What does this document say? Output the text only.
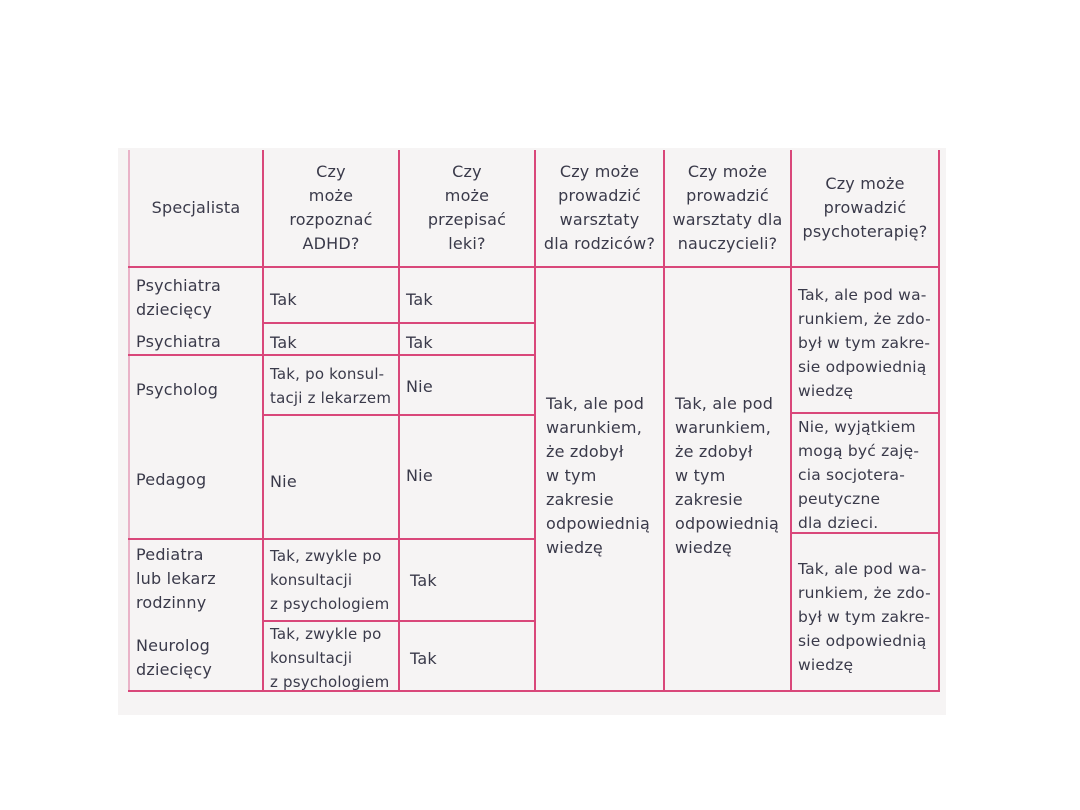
Specjalista
Czy
może
rozpoznać
ADHD?
Czy
może
przepisać
leki?
Czy może
prowadzić
warsztaty
dla rodziców?
Czy może
prowadzić
warsztaty dla
nauczycieli?
Czy może
prowadzić
psychoterapię?
Psychiatra
dziecięcy
Psychiatra
Psycholog
Pedagog
Pediatra
lub lekarz
rodzinny
Neurolog
dziecięcy
Tak
Tak
Tak, po konsul-
tacji z lekarzem
Nie
Tak, zwykle po
konsultacji
z psychologiem
Tak, zwykle po
konsultacji
z psychologiem
Tak
Tak
Nie
Nie
Tak
Tak
Tak, ale pod
warunkiem,
że zdobył
w tym
zakresie
odpowiednią
wiedzę
Tak, ale pod
warunkiem,
że zdobył
w tym
zakresie
odpowiednią
wiedzę
Tak, ale pod wa-
runkiem, że zdo-
był w tym zakre-
sie odpowiednią
wiedzę
Nie, wyjątkiem
mogą być zaję-
cia socjotera-
peutyczne
dla dzieci.
Tak, ale pod wa-
runkiem, że zdo-
był w tym zakre-
sie odpowiednią
wiedzę
